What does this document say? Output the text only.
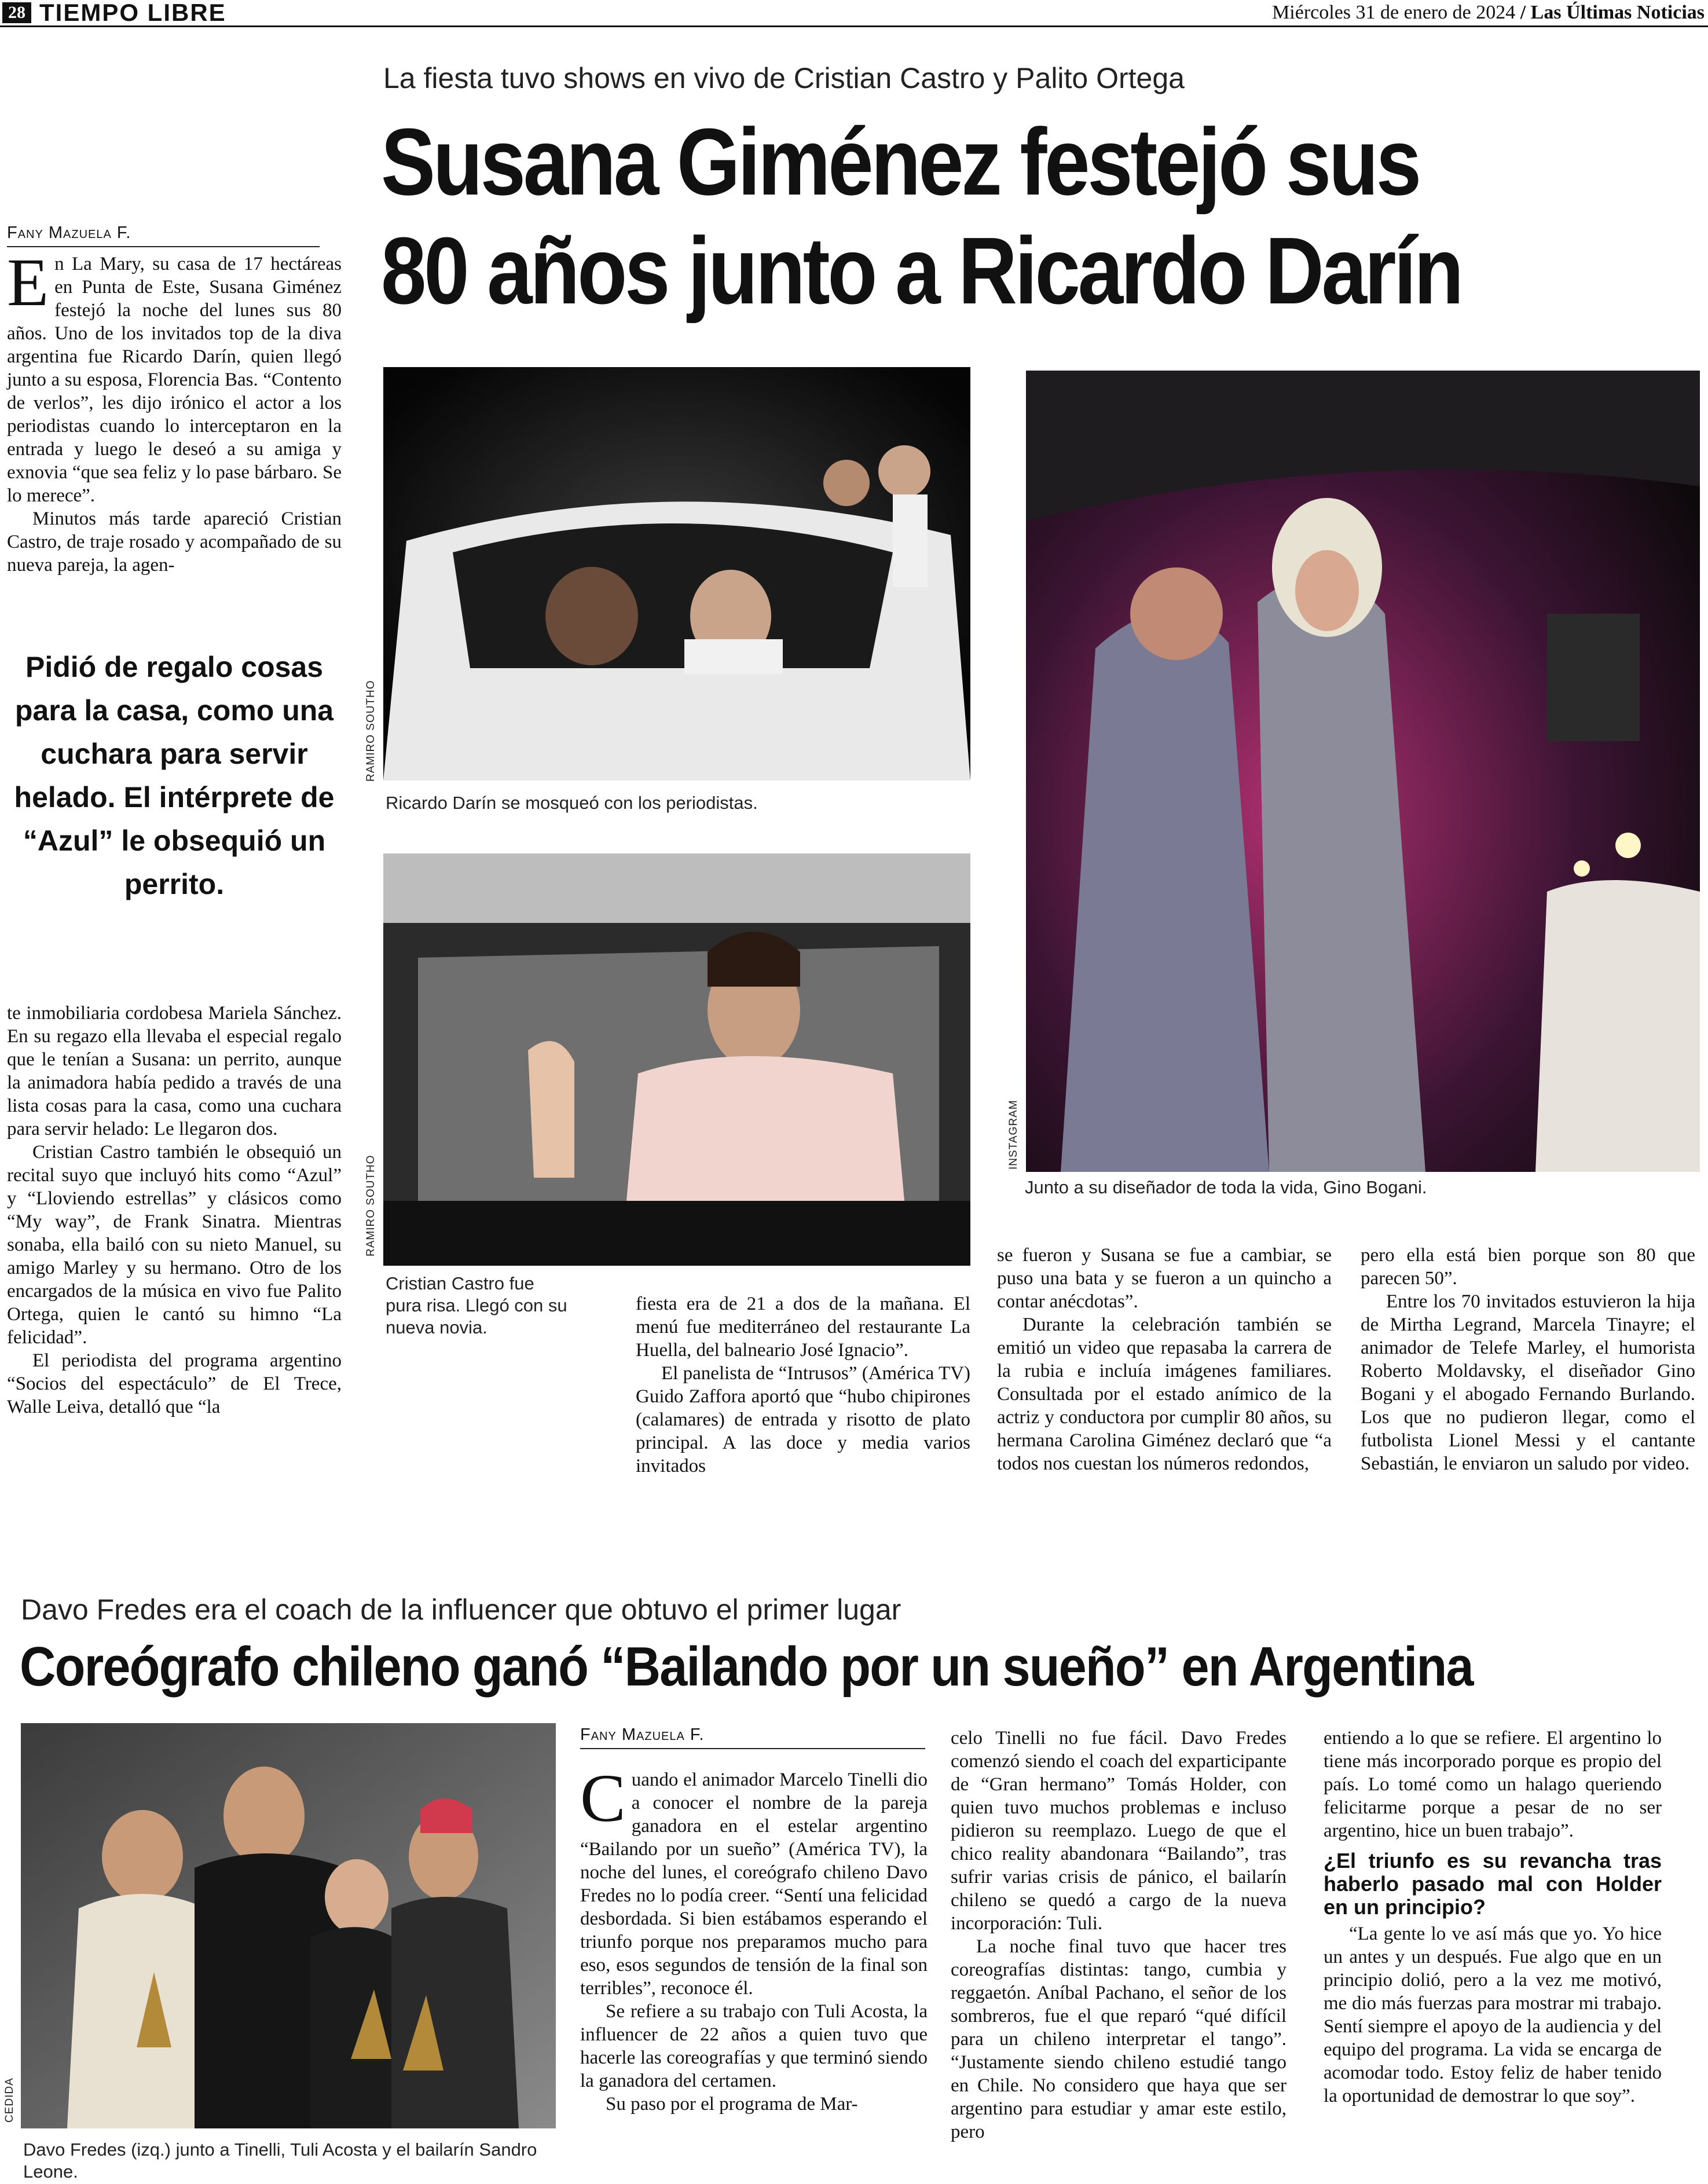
28 TIEMPO LIBRE	Miércoles 31 de enero de 2024 / Las Últimas Noticias
La fiesta tuvo shows en vivo de Cristian Castro y Palito Ortega
Susana Giménez festejó sus
80 años junto a Ricardo Darín
Fany Mazuela F.
E n La Mary, su casa de 17 hectáreas en Punta de Este, Susana Giménez festejó la noche del lunes sus 80 años. Uno de los invitados top de la diva argentina fue Ricardo Darín, quien llegó junto a su esposa, Florencia Bas. “Contento de verlos”, les dijo irónico el actor a los periodistas cuando lo interceptaron en la entrada y luego le deseó a su amiga y exnovia “que sea feliz y lo pase bárbaro. Se lo merece”.

Minutos más tarde apareció Cristian Castro, de traje rosado y acompañado de su nueva pareja, la agen-

Pidió de regalo cosas para la casa, como una cuchara para servir helado. El intérprete de “Azul” le obsequió un perrito.

te inmobiliaria cordobesa Mariela Sánchez. En su regazo ella llevaba el especial regalo que le tenían a Susana: un perrito, aunque la animadora había pedido a través de una lista cosas para la casa, como una cuchara para servir helado: Le llegaron dos.

Cristian Castro también le obsequió un recital suyo que incluyó hits como “Azul” y “Lloviendo estrellas” y clásicos como “My way”, de Frank Sinatra. Mientras sonaba, ella bailó con su nieto Manuel, su amigo Marley y su hermano. Otro de los encargados de la música en vivo fue Palito Ortega, quien le cantó su himno “La felicidad”.

El periodista del programa argentino “Socios del espectáculo” de El Trece, Walle Leiva, detalló que “la

RAMIRO SOUTHO
Ricardo Darín se mosqueó con los periodistas.
RAMIRO SOUTHO
Cristian Castro fue pura risa. Llegó con su nueva novia.
INSTAGRAM
Junto a su diseñador de toda la vida, Gino Bogani.

fiesta era de 21 a dos de la mañana. El menú fue mediterráneo del restaurante La Huella, del balneario José Ignacio”.

El panelista de “Intrusos” (América TV) Guido Zaffora aportó que “hubo chipirones (calamares) de entrada y risotto de plato principal. A las doce y media varios invitados

se fueron y Susana se fue a cambiar, se puso una bata y se fueron a un quincho a contar anécdotas”.

Durante la celebración también se emitió un video que repasaba la carrera de la rubia e incluía imágenes familiares. Consultada por el estado anímico de la actriz y conductora por cumplir 80 años, su hermana Carolina Giménez declaró que “a todos nos cuestan los números redondos,

pero ella está bien porque son 80 que parecen 50”.

Entre los 70 invitados estuvieron la hija de Mirtha Legrand, Marcela Tinayre; el animador de Telefe Marley, el humorista Roberto Moldavsky, el diseñador Gino Bogani y el abogado Fernando Burlando. Los que no pudieron llegar, como el futbolista Lionel Messi y el cantante Sebastián, le enviaron un saludo por video.

Davo Fredes era el coach de la influencer que obtuvo el primer lugar
Coreógrafo chileno ganó “Bailando por un sueño” en Argentina
CEDIDA
Davo Fredes (izq.) junto a Tinelli, Tuli Acosta y el bailarín Sandro Leone.
Fany Mazuela F.
C uando el animador Marcelo Tinelli dio a conocer el nombre de la pareja ganadora en el estelar argentino “Bailando por un sueño” (América TV), la noche del lunes, el coreógrafo chileno Davo Fredes no lo podía creer. “Sentí una felicidad desbordada. Si bien estábamos esperando el triunfo porque nos preparamos mucho para eso, esos segundos de tensión de la final son terribles”, reconoce él.

Se refiere a su trabajo con Tuli Acosta, la influencer de 22 años a quien tuvo que hacerle las coreografías y que terminó siendo la ganadora del certamen.

Su paso por el programa de Mar-

celo Tinelli no fue fácil. Davo Fredes comenzó siendo el coach del exparticipante de “Gran hermano” Tomás Holder, con quien tuvo muchos problemas e incluso pidieron su reemplazo. Luego de que el chico reality abandonara “Bailando”, tras sufrir varias crisis de pánico, el bailarín chileno se quedó a cargo de la nueva incorporación: Tuli.

La noche final tuvo que hacer tres coreografías distintas: tango, cumbia y reggaetón. Aníbal Pachano, el señor de los sombreros, fue el que reparó “qué difícil para un chileno interpretar el tango”. “Justamente siendo chileno estudié tango en Chile. No considero que haya que ser argentino para estudiar y amar este estilo, pero

entiendo a lo que se refiere. El argentino lo tiene más incorporado porque es propio del país. Lo tomé como un halago queriendo felicitarme porque a pesar de no ser argentino, hice un buen trabajo”.

¿El triunfo es su revancha tras haberlo pasado mal con Holder en un principio?

“La gente lo ve así más que yo. Yo hice un antes y un después. Fue algo que en un principio dolió, pero a la vez me motivó, me dio más fuerzas para mostrar mi trabajo. Sentí siempre el apoyo de la audiencia y del equipo del programa. La vida se encarga de acomodar todo. Estoy feliz de haber tenido la oportunidad de demostrar lo que soy”.
